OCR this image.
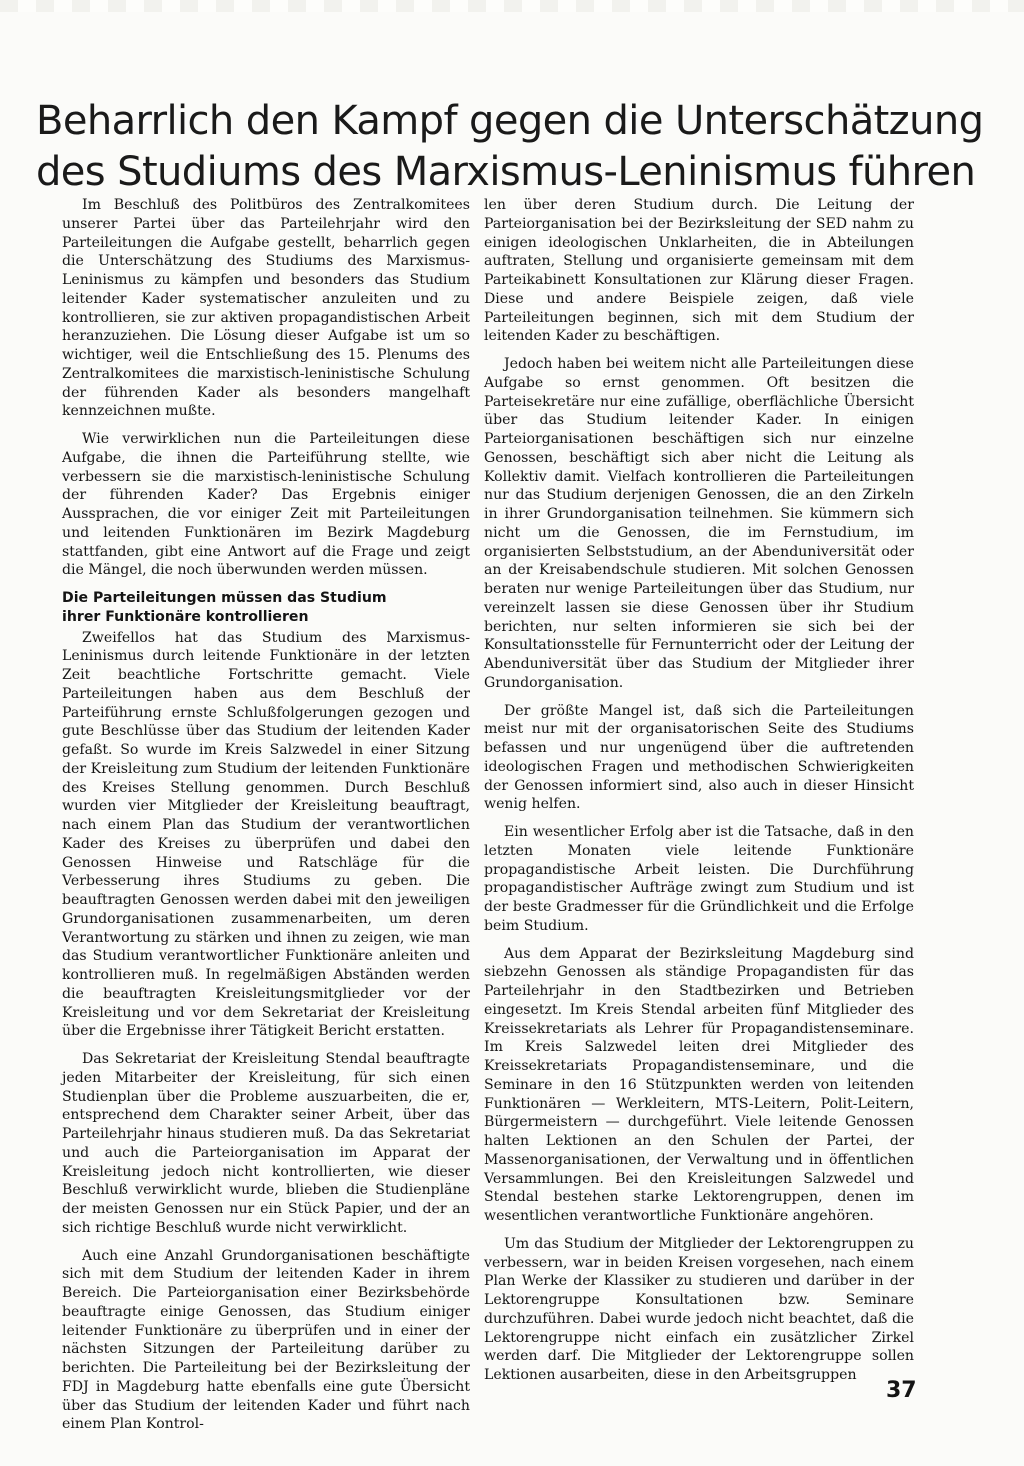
Beharrlich den Kampf gegen die Unterschätzung
des Studiums des Marxismus-Leninismus führen

Im Beschluß des Politbüros des Zentralkomitees unserer Partei über das Parteilehrjahr wird den Parteileitungen die Aufgabe gestellt, beharrlich gegen die Unterschätzung des Studiums des Marxismus-Leninismus zu kämpfen und besonders das Studium leitender Kader systematischer anzuleiten und zu kontrollieren, sie zur aktiven propagandistischen Arbeit heranzuziehen. Die Lösung dieser Aufgabe ist um so wichtiger, weil die Entschließung des 15. Plenums des Zentralkomitees die marxistisch-leninistische Schulung der führenden Kader als besonders mangelhaft kennzeichnen mußte.

Wie verwirklichen nun die Parteileitungen diese Aufgabe, die ihnen die Parteiführung stellte, wie verbessern sie die marxistisch-leninistische Schulung der führenden Kader? Das Ergebnis einiger Aussprachen, die vor einiger Zeit mit Parteileitungen und leitenden Funktionären im Bezirk Magdeburg stattfanden, gibt eine Antwort auf die Frage und zeigt die Mängel, die noch überwunden werden müssen.

Die Parteileitungen müssen das Studium
ihrer Funktionäre kontrollieren

Zweifellos hat das Studium des Marxismus-Leninismus durch leitende Funktionäre in der letzten Zeit beachtliche Fortschritte gemacht. Viele Parteileitungen haben aus dem Beschluß der Parteiführung ernste Schlußfolgerungen gezogen und gute Beschlüsse über das Studium der leitenden Kader gefaßt. So wurde im Kreis Salzwedel in einer Sitzung der Kreisleitung zum Studium der leitenden Funktionäre des Kreises Stellung genommen. Durch Beschluß wurden vier Mitglieder der Kreisleitung beauftragt, nach einem Plan das Studium der verantwortlichen Kader des Kreises zu überprüfen und dabei den Genossen Hinweise und Ratschläge für die Verbesserung ihres Studiums zu geben. Die beauftragten Genossen werden dabei mit den jeweiligen Grundorganisationen zusammenarbeiten, um deren Verantwortung zu stärken und ihnen zu zeigen, wie man das Studium verantwortlicher Funktionäre anleiten und kontrollieren muß. In regelmäßigen Abständen werden die beauftragten Kreisleitungsmitglieder vor der Kreisleitung und vor dem Sekretariat der Kreisleitung über die Ergebnisse ihrer Tätigkeit Bericht erstatten.

Das Sekretariat der Kreisleitung Stendal beauftragte jeden Mitarbeiter der Kreisleitung, für sich einen Studienplan über die Probleme auszuarbeiten, die er, entsprechend dem Charakter seiner Arbeit, über das Parteilehrjahr hinaus studieren muß. Da das Sekretariat und auch die Parteiorganisation im Apparat der Kreisleitung jedoch nicht kontrollierten, wie dieser Beschluß verwirklicht wurde, blieben die Studienpläne der meisten Genossen nur ein Stück Papier, und der an sich richtige Beschluß wurde nicht verwirklicht.

Auch eine Anzahl Grundorganisationen beschäftigte sich mit dem Studium der leitenden Kader in ihrem Bereich. Die Parteiorganisation einer Bezirksbehörde beauftragte einige Genossen, das Studium einiger leitender Funktionäre zu überprüfen und in einer der nächsten Sitzungen der Parteileitung darüber zu berichten. Die Parteileitung bei der Bezirksleitung der FDJ in Magdeburg hatte ebenfalls eine gute Übersicht über das Studium der leitenden Kader und führt nach einem Plan Kontrol-

len über deren Studium durch. Die Leitung der Parteiorganisation bei der Bezirksleitung der SED nahm zu einigen ideologischen Unklarheiten, die in Abteilungen auftraten, Stellung und organisierte gemeinsam mit dem Parteikabinett Konsultationen zur Klärung dieser Fragen. Diese und andere Beispiele zeigen, daß viele Parteileitungen beginnen, sich mit dem Studium der leitenden Kader zu beschäftigen.

Jedoch haben bei weitem nicht alle Parteileitungen diese Aufgabe so ernst genommen. Oft besitzen die Parteisekretäre nur eine zufällige, oberflächliche Übersicht über das Studium leitender Kader. In einigen Parteiorganisationen beschäftigen sich nur einzelne Genossen, beschäftigt sich aber nicht die Leitung als Kollektiv damit. Vielfach kontrollieren die Parteileitungen nur das Studium derjenigen Genossen, die an den Zirkeln in ihrer Grundorganisation teilnehmen. Sie kümmern sich nicht um die Genossen, die im Fernstudium, im organisierten Selbststudium, an der Abenduniversität oder an der Kreisabendschule studieren. Mit solchen Genossen beraten nur wenige Parteileitungen über das Studium, nur vereinzelt lassen sie diese Genossen über ihr Studium berichten, nur selten informieren sie sich bei der Konsultationsstelle für Fernunterricht oder der Leitung der Abenduniversität über das Studium der Mitglieder ihrer Grundorganisation.

Der größte Mangel ist, daß sich die Parteileitungen meist nur mit der organisatorischen Seite des Studiums befassen und nur ungenügend über die auftretenden ideologischen Fragen und methodischen Schwierigkeiten der Genossen informiert sind, also auch in dieser Hinsicht wenig helfen.

Ein wesentlicher Erfolg aber ist die Tatsache, daß in den letzten Monaten viele leitende Funktionäre propagandistische Arbeit leisten. Die Durchführung propagandistischer Aufträge zwingt zum Studium und ist der beste Gradmesser für die Gründlichkeit und die Erfolge beim Studium.

Aus dem Apparat der Bezirksleitung Magdeburg sind siebzehn Genossen als ständige Propagandisten für das Parteilehrjahr in den Stadtbezirken und Betrieben eingesetzt. Im Kreis Stendal arbeiten fünf Mitglieder des Kreissekretariats als Lehrer für Propagandistenseminare. Im Kreis Salzwedel leiten drei Mitglieder des Kreissekretariats Propagandistenseminare, und die Seminare in den 16 Stützpunkten werden von leitenden Funktionären — Werkleitern, MTS-Leitern, Polit-Leitern, Bürgermeistern — durchgeführt. Viele leitende Genossen halten Lektionen an den Schulen der Partei, der Massenorganisationen, der Verwaltung und in öffentlichen Versammlungen. Bei den Kreisleitungen Salzwedel und Stendal bestehen starke Lektorengruppen, denen im wesentlichen verantwortliche Funktionäre angehören.

Um das Studium der Mitglieder der Lektorengruppen zu verbessern, war in beiden Kreisen vorgesehen, nach einem Plan Werke der Klassiker zu studieren und darüber in der Lektorengruppe Konsultationen bzw. Seminare durchzuführen. Dabei wurde jedoch nicht beachtet, daß die Lektorengruppe nicht einfach ein zusätzlicher Zirkel werden darf. Die Mitglieder der Lektorengruppe sollen Lektionen ausarbeiten, diese in den Arbeitsgruppen

37
